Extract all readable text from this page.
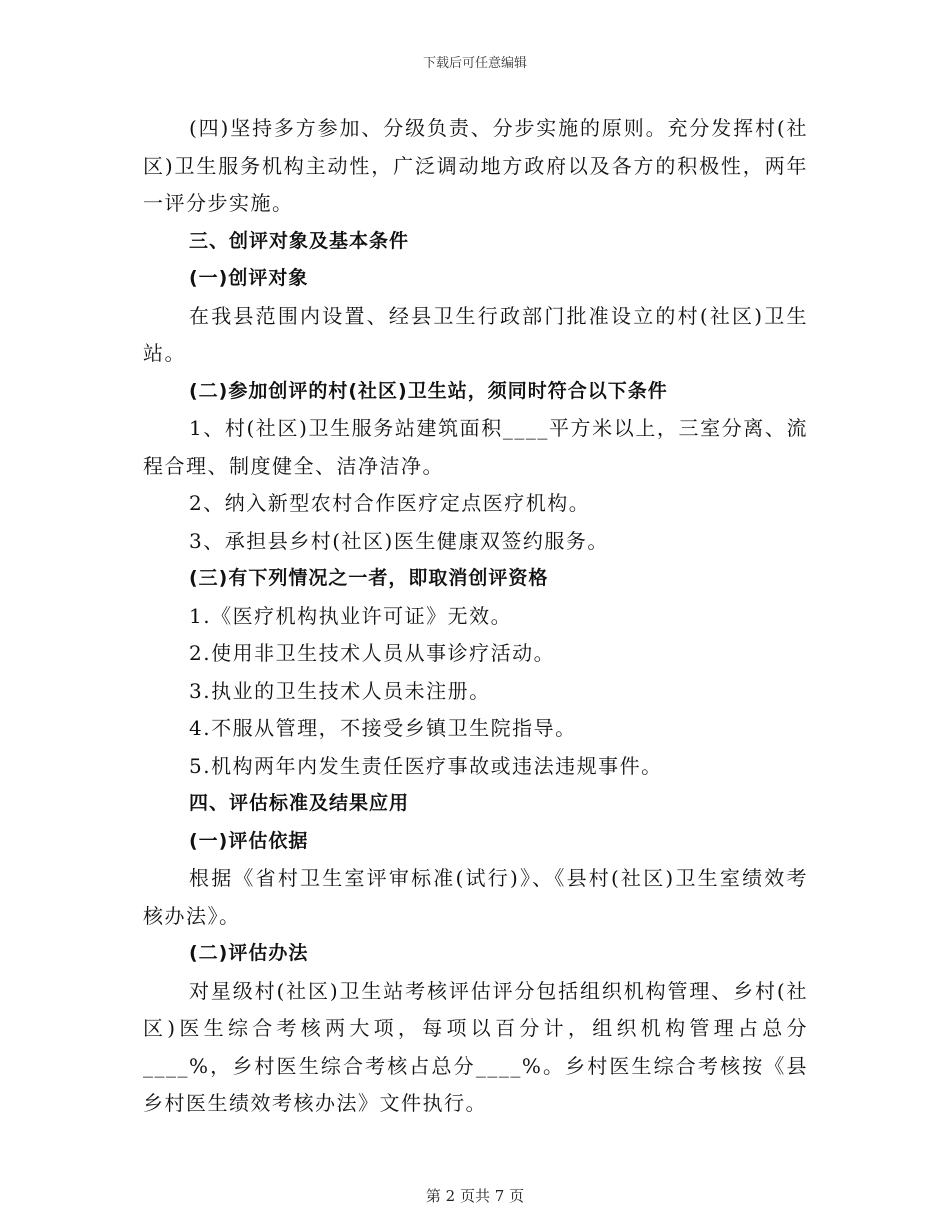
下载后可任意编辑

(四)坚持多方参加、分级负责、分步实施的原则。充分发挥村(社区)卫生服务机构主动性，广泛调动地方政府以及各方的积极性，两年一评分步实施。

三、创评对象及基本条件

(一)创评对象

在我县范围内设置、经县卫生行政部门批准设立的村(社区)卫生站。

(二)参加创评的村(社区)卫生站，须同时符合以下条件

1、村(社区)卫生服务站建筑面积____平方米以上，三室分离、流程合理、制度健全、洁净洁净。

2、纳入新型农村合作医疗定点医疗机构。

3、承担县乡村(社区)医生健康双签约服务。

(三)有下列情况之一者，即取消创评资格

1.《医疗机构执业许可证》无效。

2.使用非卫生技术人员从事诊疗活动。

3.执业的卫生技术人员未注册。

4.不服从管理，不接受乡镇卫生院指导。

5.机构两年内发生责任医疗事故或违法违规事件。

四、评估标准及结果应用

(一)评估依据

根据《省村卫生室评审标准(试行)》、《县村(社区)卫生室绩效考核办法》。

(二)评估办法

对星级村(社区)卫生站考核评估评分包括组织机构管理、乡村(社区)医生综合考核两大项，每项以百分计，组织机构管理占总分____%，乡村医生综合考核占总分____%。乡村医生综合考核按《县乡村医生绩效考核办法》文件执行。

第 2 页共 7 页
